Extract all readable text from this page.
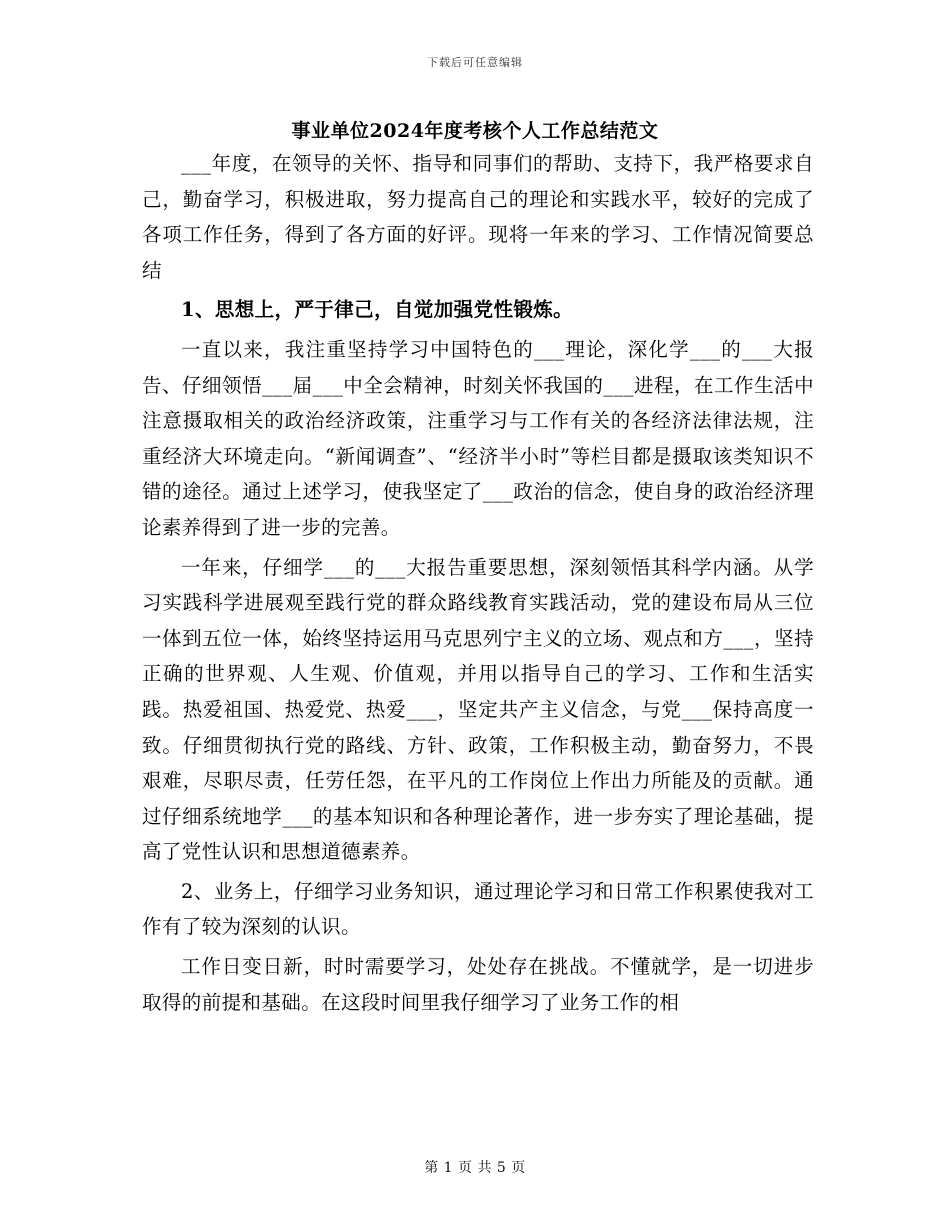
下载后可任意编辑
事业单位2024年度考核个人工作总结范文

___年度，在领导的关怀、指导和同事们的帮助、支持下，我严格要求自己，勤奋学习，积极进取，努力提高自己的理论和实践水平，较好的完成了各项工作任务，得到了各方面的好评。现将一年来的学习、工作情况简要总结

1、思想上，严于律己，自觉加强党性锻炼。

一直以来，我注重坚持学习中国特色的___理论，深化学___的___大报告、仔细领悟___届___中全会精神，时刻关怀我国的___进程，在工作生活中注意摄取相关的政治经济政策，注重学习与工作有关的各经济法律法规，注重经济大环境走向。“新闻调查”、“经济半小时”等栏目都是摄取该类知识不错的途径。通过上述学习，使我坚定了___政治的信念，使自身的政治经济理论素养得到了进一步的完善。

一年来，仔细学___的___大报告重要思想，深刻领悟其科学内涵。从学习实践科学进展观至践行党的群众路线教育实践活动，党的建设布局从三位一体到五位一体，始终坚持运用马克思列宁主义的立场、观点和方___，坚持正确的世界观、人生观、价值观，并用以指导自己的学习、工作和生活实践。热爱祖国、热爱党、热爱___，坚定共产主义信念，与党___保持高度一致。仔细贯彻执行党的路线、方针、政策，工作积极主动，勤奋努力，不畏艰难，尽职尽责，任劳任怨，在平凡的工作岗位上作出力所能及的贡献。通过仔细系统地学___的基本知识和各种理论著作，进一步夯实了理论基础，提高了党性认识和思想道德素养。

2、业务上，仔细学习业务知识，通过理论学习和日常工作积累使我对工作有了较为深刻的认识。

工作日变日新，时时需要学习，处处存在挑战。不懂就学，是一切进步取得的前提和基础。在这段时间里我仔细学习了业务工作的相

第 1 页 共 5 页
